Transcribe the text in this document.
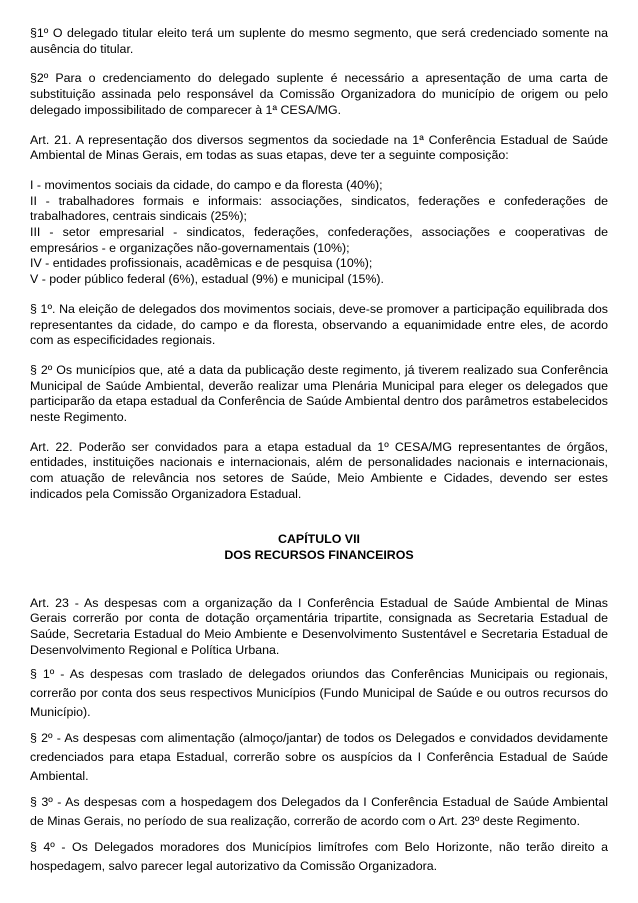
§1º O delegado titular eleito terá um suplente do mesmo segmento, que será credenciado somente na ausência do titular.

§2º Para o credenciamento do delegado suplente é necessário a apresentação de uma carta de substituição assinada pelo responsável da Comissão Organizadora do município de origem ou pelo delegado impossibilitado de comparecer à 1ª CESA/MG.

Art. 21. A representação dos diversos segmentos da sociedade na 1ª Conferência Estadual de Saúde Ambiental de Minas Gerais, em todas as suas etapas, deve ter a seguinte composição:

I - movimentos sociais da cidade, do campo e da floresta (40%);

II - trabalhadores formais e informais: associações, sindicatos, federações e confederações de trabalhadores, centrais sindicais (25%);

III - setor empresarial - sindicatos, federações, confederações, associações e cooperativas de empresários - e organizações não-governamentais (10%);

IV - entidades profissionais, acadêmicas e de pesquisa (10%);

V - poder público federal (6%), estadual (9%) e municipal (15%).

§ 1º. Na eleição de delegados dos movimentos sociais, deve-se promover a participação equilibrada dos representantes da cidade, do campo e da floresta, observando a equanimidade entre eles, de acordo com as especificidades regionais.

§ 2º Os municípios que, até a data da publicação deste regimento, já tiverem realizado sua Conferência Municipal de Saúde Ambiental, deverão realizar uma Plenária Municipal para eleger os delegados que participarão da etapa estadual da Conferência de Saúde Ambiental dentro dos parâmetros estabelecidos neste Regimento.

Art. 22. Poderão ser convidados para a etapa estadual da 1º CESA/MG representantes de órgãos, entidades, instituições nacionais e internacionais, além de personalidades nacionais e internacionais, com atuação de relevância nos setores de Saúde, Meio Ambiente e Cidades, devendo ser estes indicados pela Comissão Organizadora Estadual.

CAPÍTULO VII
DOS RECURSOS FINANCEIROS

Art. 23 - As despesas com a organização da I Conferência Estadual de Saúde Ambiental de Minas Gerais correrão por conta de dotação orçamentária tripartite, consignada as Secretaria Estadual de Saúde, Secretaria Estadual do Meio Ambiente e Desenvolvimento Sustentável e Secretaria Estadual de Desenvolvimento Regional e Política Urbana.

§ 1º - As despesas com traslado de delegados oriundos das Conferências Municipais ou regionais, correrão por conta dos seus respectivos Municípios (Fundo Municipal de Saúde e ou outros recursos do Município).

§ 2º - As despesas com alimentação (almoço/jantar) de todos os Delegados e convidados devidamente credenciados para etapa Estadual, correrão sobre os auspícios da I Conferência Estadual de Saúde Ambiental.

§ 3º - As despesas com a hospedagem dos Delegados da I Conferência Estadual de Saúde Ambiental de Minas Gerais, no período de sua realização, correrão de acordo com o Art. 23º deste Regimento.

§ 4º - Os Delegados moradores dos Municípios limítrofes com Belo Horizonte, não terão direito a hospedagem, salvo parecer legal autorizativo da Comissão Organizadora.
